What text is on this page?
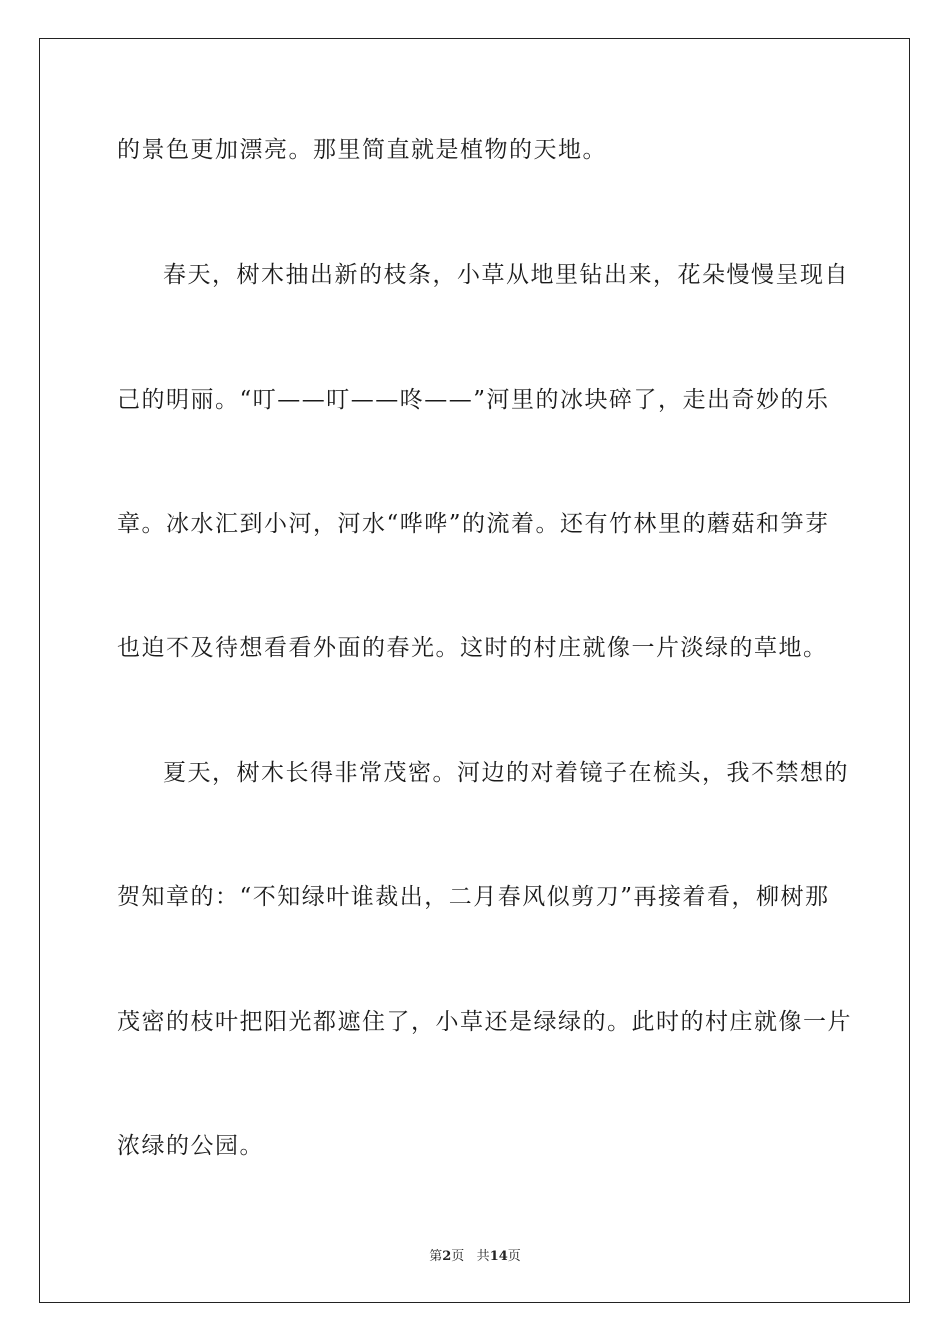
的景色更加漂亮。那里简直就是植物的天地。
春天，树木抽出新的枝条，小草从地里钻出来，花朵慢慢呈现自
己的明丽。“叮——叮——咚——”河里的冰块碎了，走出奇妙的乐
章。冰水汇到小河，河水“哗哗”的流着。还有竹林里的蘑菇和笋芽
也迫不及待想看看外面的春光。这时的村庄就像一片淡绿的草地。
夏天，树木长得非常茂密。河边的对着镜子在梳头，我不禁想的
贺知章的：“不知绿叶谁裁出，二月春风似剪刀”再接着看，柳树那
茂密的枝叶把阳光都遮住了，小草还是绿绿的。此时的村庄就像一片
浓绿的公园。
第2页 共14页
